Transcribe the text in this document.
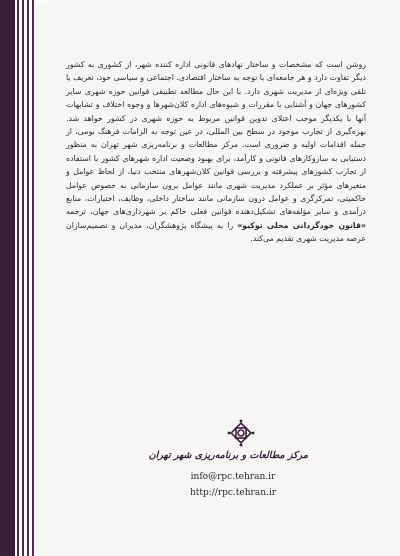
روشن است که مشخصات و ساختار نهادهای قانونی اداره کننده شهر، از کشوری به کشور دیگر تفاوت دارد و هر جامعه‌ای با توجه به ساختار اقتصادی، اجتماعی و سیاسی خود، تعریف یا تلقی ویژه‌ای از مدیریت شهری دارد. با این حال مطالعه تطبیقی قوانین حوزه شهری سایر کشورهای جهان و آشنایی با مقررات و شیوه‌های اداره کلان‌شهرها و وجوه اختلاف و تشابهات آنها با یکدیگر موجب اعتلای تدوین قوانین مربوط به حوزه شهری در کشور خواهد شد. بهره‌گیری از تجارب موجود در سطح بین المللی، در عین توجه به الزامات فرهنگ بومی، از جمله اقدامات اولیه و ضروری است. مرکز مطالعات و برنامه‌ریزی شهر تهران به منظور دستیابی به سازوکارهای قانونی و کارآمد، برای بهبود وضعیت اداره شهرهای کشور با استفاده از تجارب کشورهای پیشرفته و بررسی قوانین کلان‌شهرهای منتخب دنیا، از لحاظ عوامل و متغیرهای مؤثر بر عملکرد مدیریت شهری مانند عوامل برون سازمانی به خصوص عوامل حاکمیتی، تمرکزگری و عوامل درون سازمانی مانند ساختار داخلی، وظایف، اختیارات، منابع درآمدی و سایر مؤلفه‌های تشکیل‌دهنده قوانین فعلی حاکم بر شهرداری‌های جهان، ترجمه «قانون خودگردانی محلی توکیو» را به پیشگاه پژوهشگران، مدیران و تصمیم‌سازان عرصه مدیریت شهری تقدیم می‌کند.

مرکز مطالعات و برنامه‌ریزی شهر تهران
info@rpc.tehran.ir
http://rpc.tehran.ir
